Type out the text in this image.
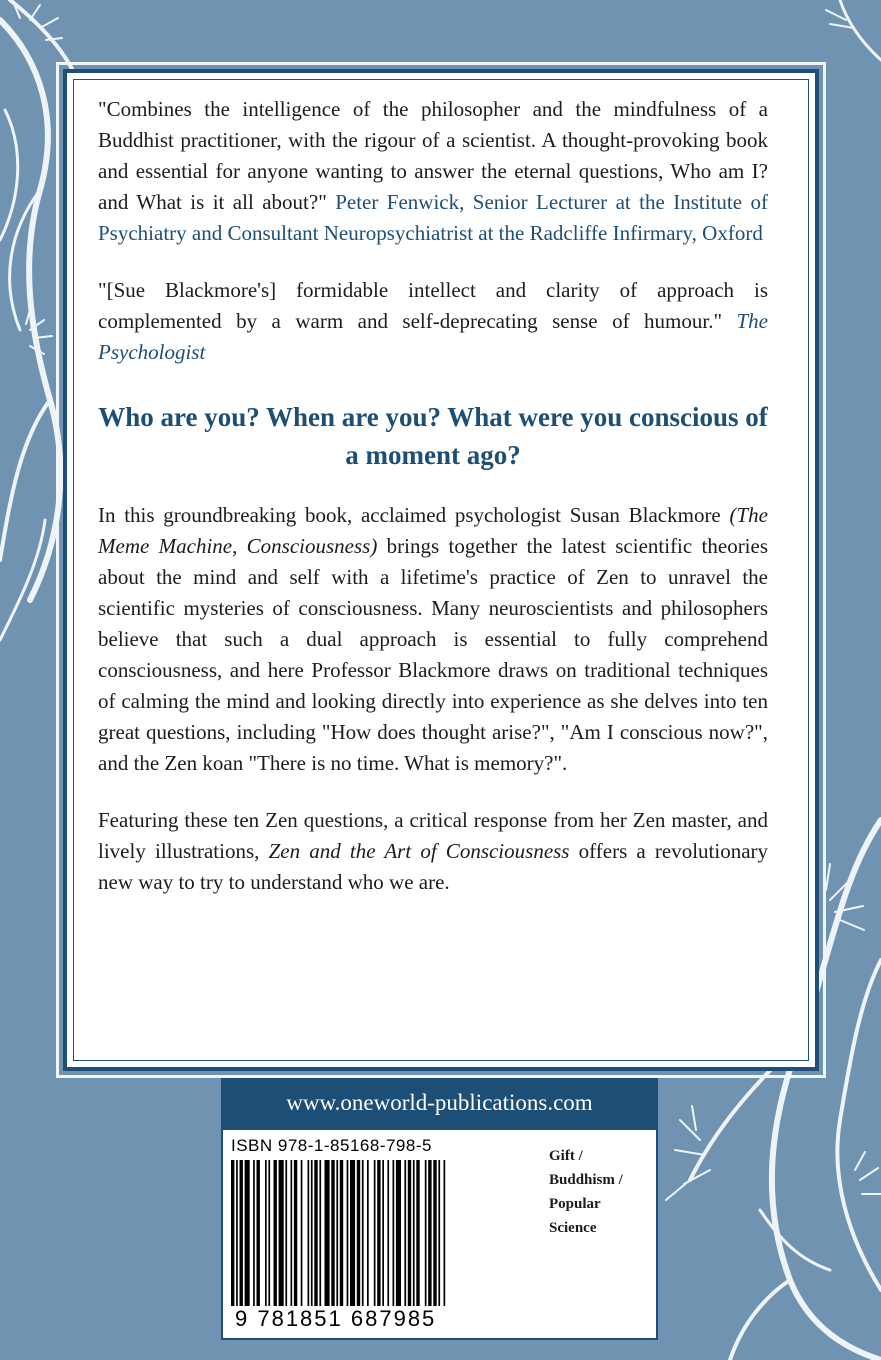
"Combines the intelligence of the philosopher and the mindfulness of a Buddhist practitioner, with the rigour of a scientist. A thought-provoking book and essential for anyone wanting to answer the eternal questions, Who am I? and What is it all about?" Peter Fenwick, Senior Lecturer at the Institute of Psychiatry and Consultant Neuropsychiatrist at the Radcliffe Infirmary, Oxford

"[Sue Blackmore's] formidable intellect and clarity of approach is complemented by a warm and self-deprecating sense of humour." The Psychologist

Who are you? When are you? What were you conscious of a moment ago?

In this groundbreaking book, acclaimed psychologist Susan Blackmore (The Meme Machine, Consciousness) brings together the latest scientific theories about the mind and self with a lifetime's practice of Zen to unravel the scientific mysteries of consciousness. Many neuroscientists and philosophers believe that such a dual approach is essential to fully comprehend consciousness, and here Professor Blackmore draws on traditional techniques of calming the mind and looking directly into experience as she delves into ten great questions, including "How does thought arise?", "Am I conscious now?", and the Zen koan "There is no time. What is memory?".

Featuring these ten Zen questions, a critical response from her Zen master, and lively illustrations, Zen and the Art of Consciousness offers a revolutionary new way to try to understand who we are.

www.oneworld-publications.com
ISBN 978-1-85168-798-5
9 781851 687985
Gift /
Buddhism /
Popular
Science
